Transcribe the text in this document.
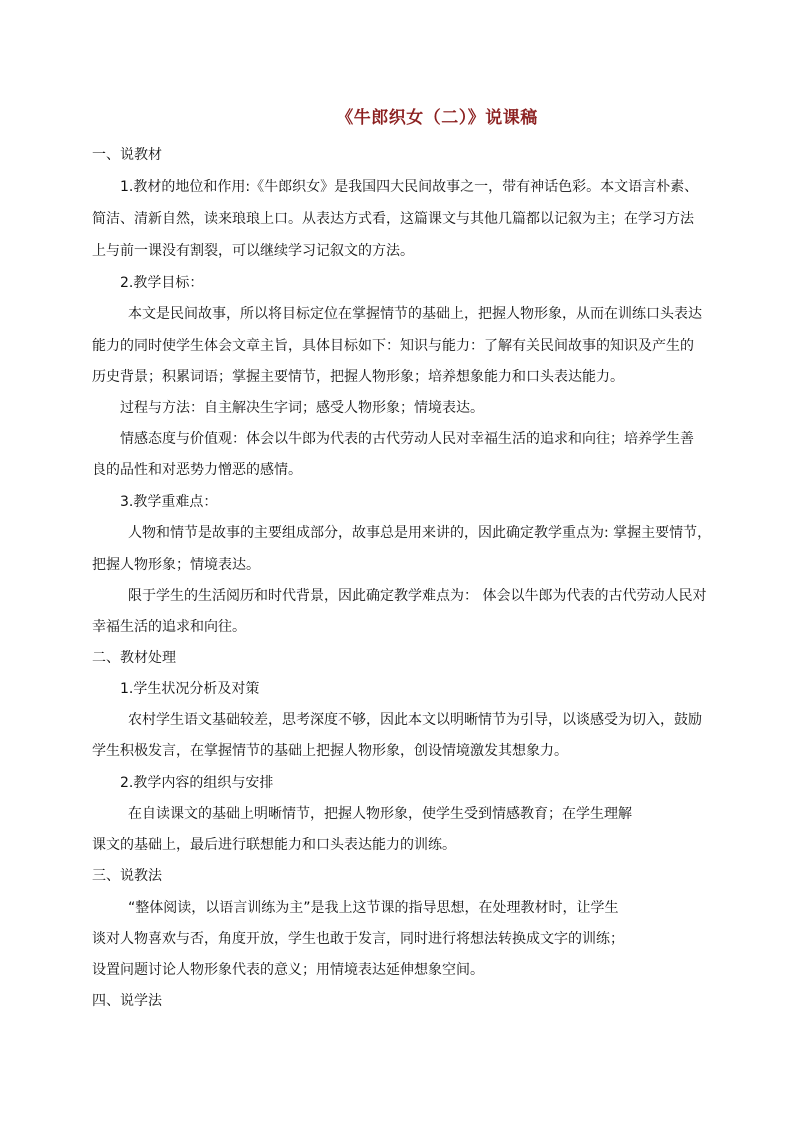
《牛郎织女（二）》说课稿
一、说教材
1.教材的地位和作用:《牛郎织女》是我国四大民间故事之一，带有神话色彩。本文语言朴素、
简洁、清新自然，读来琅琅上口。从表达方式看，这篇课文与其他几篇都以记叙为主；在学习方法
上与前一课没有割裂，可以继续学习记叙文的方法。
2.教学目标：
本文是民间故事，所以将目标定位在掌握情节的基础上，把握人物形象，从而在训练口头表达
能力的同时使学生体会文章主旨，具体目标如下：知识与能力：了解有关民间故事的知识及产生的
历史背景；积累词语；掌握主要情节，把握人物形象；培养想象能力和口头表达能力。
过程与方法：自主解决生字词；感受人物形象；情境表达。
情感态度与价值观：体会以牛郎为代表的古代劳动人民对幸福生活的追求和向往；培养学生善
良的品性和对恶势力憎恶的感情。
3.教学重难点：
人物和情节是故事的主要组成部分，故事总是用来讲的，因此确定教学重点为: 掌握主要情节，
把握人物形象；情境表达。
限于学生的生活阅历和时代背景，因此确定教学难点为： 体会以牛郎为代表的古代劳动人民对
幸福生活的追求和向往。
二、教材处理
1.学生状况分析及对策
农村学生语文基础较差，思考深度不够，因此本文以明晰情节为引导，以谈感受为切入，鼓励
学生积极发言，在掌握情节的基础上把握人物形象，创设情境激发其想象力。
2.教学内容的组织与安排
在自读课文的基础上明晰情节，把握人物形象，使学生受到情感教育；在学生理解
课文的基础上，最后进行联想能力和口头表达能力的训练。
三、说教法
“整体阅读，以语言训练为主”是我上这节课的指导思想，在处理教材时，让学生
谈对人物喜欢与否，角度开放，学生也敢于发言，同时进行将想法转换成文字的训练；
设置问题讨论人物形象代表的意义；用情境表达延伸想象空间。
四、说学法
